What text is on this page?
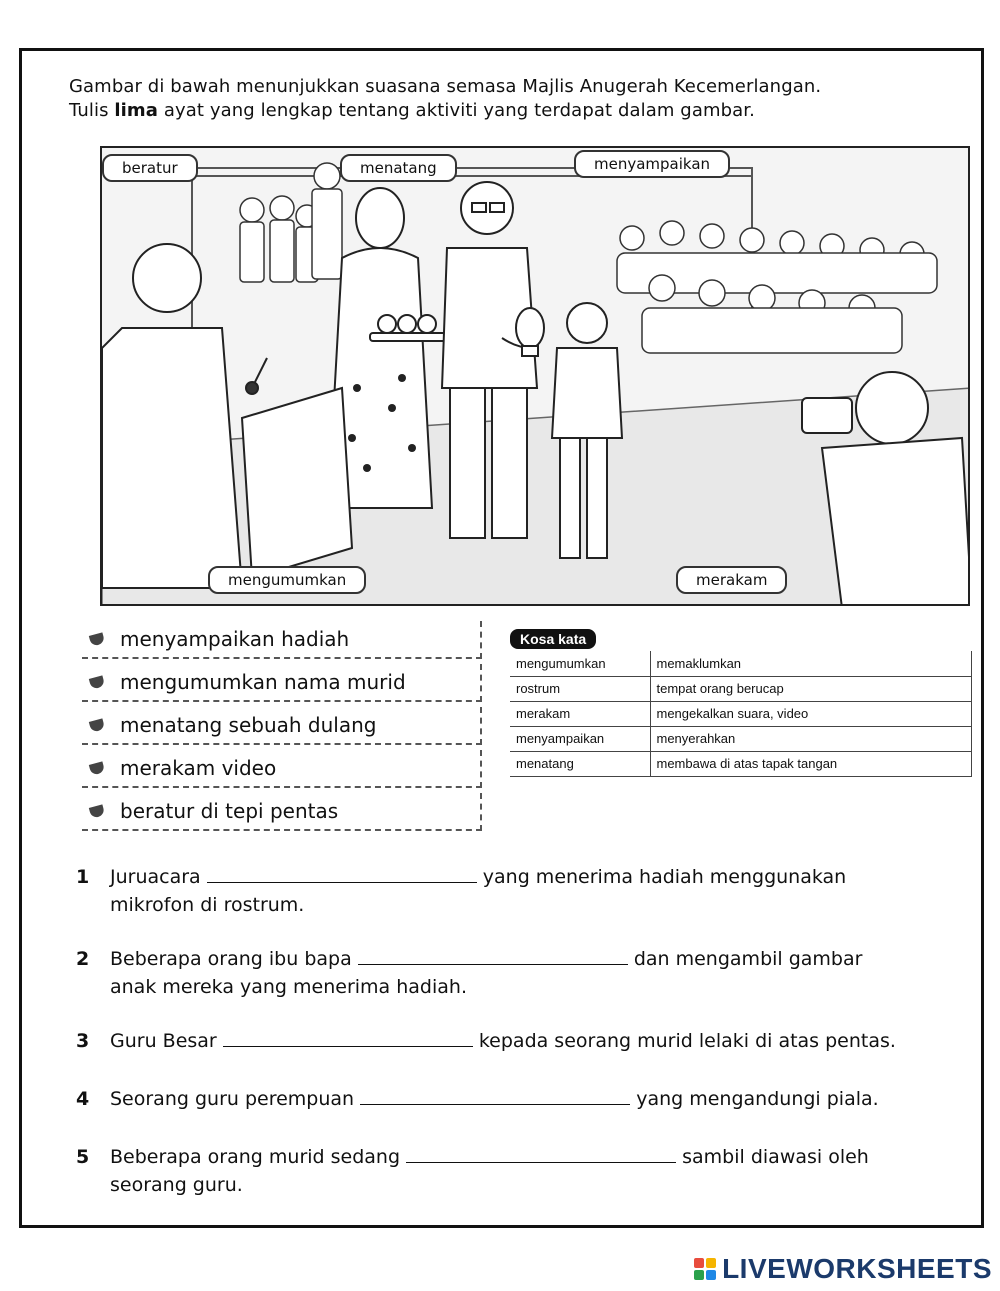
Gambar di bawah menunjukkan suasana semasa Majlis Anugerah Kecemerlangan.
Tulis lima ayat yang lengkap tentang aktiviti yang terdapat dalam gambar.
beratur	menatang	menyampaikan
mengumumkan	merakam
menyampaikan hadiah
mengumumkan nama murid
menatang sebuah dulang
merakam video
beratur di tepi pentas
Kosa kata
mengumumkan	memaklumkan
rostrum	tempat orang berucap
merakam	mengekalkan suara, video
menyampaikan	menyerahkan
menatang	membawa di atas tapak tangan
1 Juruacara	yang menerima hadiah menggunakan
mikrofon di rostrum.
2 Beberapa orang ibu bapa	dan mengambil gambar
anak mereka yang menerima hadiah.
3 Guru Besar	kepada seorang murid lelaki di atas pentas.
4 Seorang guru perempuan	yang mengandungi piala.
5 Beberapa orang murid sedang	sambil diawasi oleh
seorang guru.
LIVEWORKSHEETS
